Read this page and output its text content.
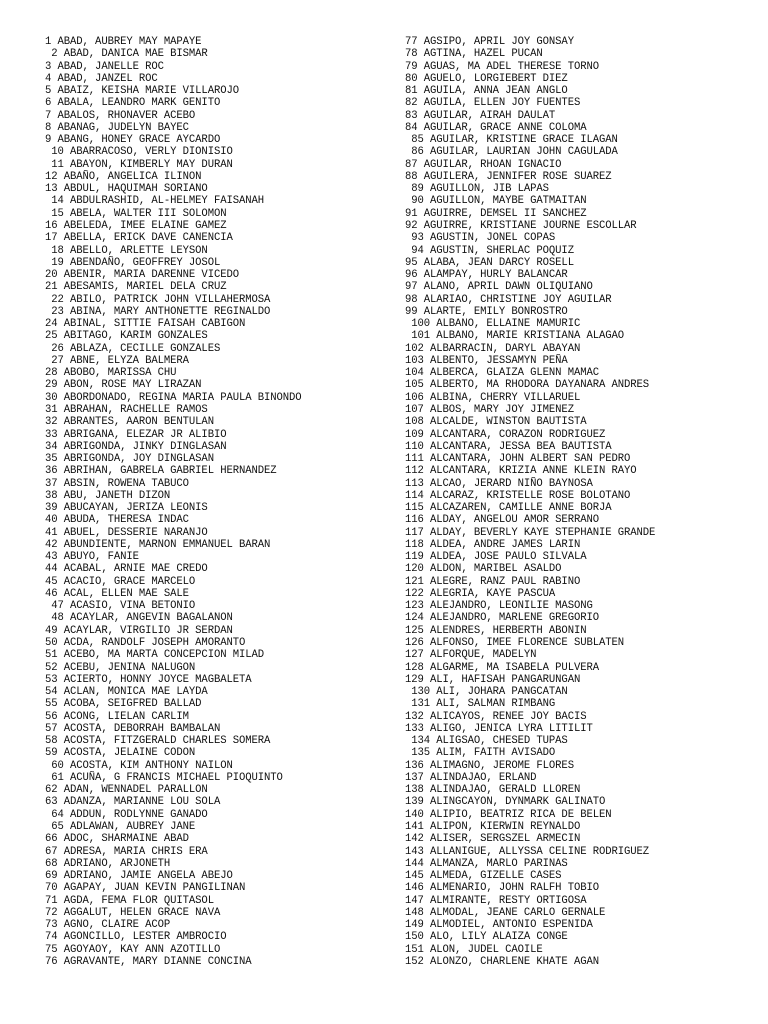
1 ABAD, AUBREY MAY MAPAYE
2 ABAD, DANICA MAE BISMAR
3 ABAD, JANELLE ROC
4 ABAD, JANZEL ROC
5 ABAIZ, KEISHA MARIE VILLAROJO
6 ABALA, LEANDRO MARK GENITO
7 ABALOS, RHONAVER ACEBO
8 ABANAG, JUDELYN BAYEC
9 ABANG, HONEY GRACE AYCARDO
10 ABARRACOSO, VERLY DIONISIO
11 ABAYON, KIMBERLY MAY DURAN
12 ABAÑO, ANGELICA ILINON
13 ABDUL, HAQUIMAH SORIANO
14 ABDULRASHID, AL-HELMEY FAISANAH
15 ABELA, WALTER III SOLOMON
16 ABELEDA, IMEE ELAINE GAMEZ
17 ABELLA, ERICK DAVE CANENCIA
18 ABELLO, ARLETTE LEYSON
19 ABENDAÑO, GEOFFREY JOSOL
20 ABENIR, MARIA DARENNE VICEDO
21 ABESAMIS, MARIEL DELA CRUZ
22 ABILO, PATRICK JOHN VILLAHERMOSA
23 ABINA, MARY ANTHONETTE REGINALDO
24 ABINAL, SITTIE FAISAH CABIGON
25 ABITAGO, KARIM GONZALES
26 ABLAZA, CECILLE GONZALES
27 ABNE, ELYZA BALMERA
28 ABOBO, MARISSA CHU
29 ABON, ROSE MAY LIRAZAN
30 ABORDONADO, REGINA MARIA PAULA BINONDO
31 ABRAHAN, RACHELLE RAMOS
32 ABRANTES, AARON BENTULAN
33 ABRIGANA, ELEZAR JR ALIBIO
34 ABRIGONDA, JINKY DINGLASAN
35 ABRIGONDA, JOY DINGLASAN
36 ABRIHAN, GABRELA GABRIEL HERNANDEZ
37 ABSIN, ROWENA TABUCO
38 ABU, JANETH DIZON
39 ABUCAYAN, JERIZA LEONIS
40 ABUDA, THERESA INDAC
41 ABUEL, DESSERIE NARANJO
42 ABUNDIENTE, MARNON EMMANUEL BARAN
43 ABUYO, FANIE
44 ACABAL, ARNIE MAE CREDO
45 ACACIO, GRACE MARCELO
46 ACAL, ELLEN MAE SALE
47 ACASIO, VINA BETONIO
48 ACAYLAR, ANGEVIN BAGALANON
49 ACAYLAR, VIRGILIO JR SERDAN
50 ACDA, RANDOLF JOSEPH AMORANTO
51 ACEBO, MA MARTA CONCEPCION MILAD
52 ACEBU, JENINA NALUGON
53 ACIERTO, HONNY JOYCE MAGBALETA
54 ACLAN, MONICA MAE LAYDA
55 ACOBA, SEIGFRED BALLAD
56 ACONG, LIELAN CARLIM
57 ACOSTA, DEBORRAH BAMBALAN
58 ACOSTA, FITZGERALD CHARLES SOMERA
59 ACOSTA, JELAINE CODON
60 ACOSTA, KIM ANTHONY NAILON
61 ACUÑA, G FRANCIS MICHAEL PIOQUINTO
62 ADAN, WENNADEL PARALLON
63 ADANZA, MARIANNE LOU SOLA
64 ADDUN, RODLYNNE GANADO
65 ADLAWAN, AUBREY JANE
66 ADOC, SHARMAINE ABAD
67 ADRESA, MARIA CHRIS ERA
68 ADRIANO, ARJONETH
69 ADRIANO, JAMIE ANGELA ABEJO
70 AGAPAY, JUAN KEVIN PANGILINAN
71 AGDA, FEMA FLOR QUITASOL
72 AGGALUT, HELEN GRACE NAVA
73 AGNO, CLAIRE ACOP
74 AGONCILLO, LESTER AMBROCIO
75 AGOYAOY, KAY ANN AZOTILLO
76 AGRAVANTE, MARY DIANNE CONCINA
77 AGSIPO, APRIL JOY GONSAY
78 AGTINA, HAZEL PUCAN
79 AGUAS, MA ADEL THERESE TORNO
80 AGUELO, LORGIEBERT DIEZ
81 AGUILA, ANNA JEAN ANGLO
82 AGUILA, ELLEN JOY FUENTES
83 AGUILAR, AIRAH DAULAT
84 AGUILAR, GRACE ANNE COLOMA
85 AGUILAR, KRISTINE GRACE ILAGAN
86 AGUILAR, LAURIAN JOHN CAGULADA
87 AGUILAR, RHOAN IGNACIO
88 AGUILERA, JENNIFER ROSE SUAREZ
89 AGUILLON, JIB LAPAS
90 AGUILLON, MAYBE GATMAITAN
91 AGUIRRE, DEMSEL II SANCHEZ
92 AGUIRRE, KRISTIANE JOURNE ESCOLLAR
93 AGUSTIN, JONEL COPAS
94 AGUSTIN, SHERLAC POQUIZ
95 ALABA, JEAN DARCY ROSELL
96 ALAMPAY, HURLY BALANCAR
97 ALANO, APRIL DAWN OLIQUIANO
98 ALARIAO, CHRISTINE JOY AGUILAR
99 ALARTE, EMILY BONROSTRO
100 ALBANO, ELLAINE MAMURIC
101 ALBANO, MARIE KRISTIANA ALAGAO
102 ALBARRACIN, DARYL ABAYAN
103 ALBENTO, JESSAMYN PEÑA
104 ALBERCA, GLAIZA GLENN MAMAC
105 ALBERTO, MA RHODORA DAYANARA ANDRES
106 ALBINA, CHERRY VILLARUEL
107 ALBOS, MARY JOY JIMENEZ
108 ALCALDE, WINSTON BAUTISTA
109 ALCANTARA, CORAZON RODRIGUEZ
110 ALCANTARA, JESSA BEA BAUTISTA
111 ALCANTARA, JOHN ALBERT SAN PEDRO
112 ALCANTARA, KRIZIA ANNE KLEIN RAYO
113 ALCAO, JERARD NIÑO BAYNOSA
114 ALCARAZ, KRISTELLE ROSE BOLOTANO
115 ALCAZAREN, CAMILLE ANNE BORJA
116 ALDAY, ANGELOU AMOR SERRANO
117 ALDAY, BEVERLY KAYE STEPHANIE GRANDE
118 ALDEA, ANDRE JAMES LARIN
119 ALDEA, JOSE PAULO SILVALA
120 ALDON, MARIBEL ASALDO
121 ALEGRE, RANZ PAUL RABINO
122 ALEGRIA, KAYE PASCUA
123 ALEJANDRO, LEONILIE MASONG
124 ALEJANDRO, MARLENE GREGORIO
125 ALENDRES, HERBERTH ABONIN
126 ALFONSO, IMEE FLORENCE SUBLATEN
127 ALFORQUE, MADELYN
128 ALGARME, MA ISABELA PULVERA
129 ALI, HAFISAH PANGARUNGAN
130 ALI, JOHARA PANGCATAN
131 ALI, SALMAN RIMBANG
132 ALICAYOS, RENEE JOY BACIS
133 ALIGO, JENICA LYRA LITILIT
134 ALIGSAO, CHESED TUPAS
135 ALIM, FAITH AVISADO
136 ALIMAGNO, JEROME FLORES
137 ALINDAJAO, ERLAND
138 ALINDAJAO, GERALD LLOREN
139 ALINGCAYON, DYNMARK GALINATO
140 ALIPIO, BEATRIZ RICA DE BELEN
141 ALIPON, KIERWIN REYNALDO
142 ALISER, SERGSZEL ARMECIN
143 ALLANIGUE, ALLYSSA CELINE RODRIGUEZ
144 ALMANZA, MARLO PARINAS
145 ALMEDA, GIZELLE CASES
146 ALMENARIO, JOHN RALFH TOBIO
147 ALMIRANTE, RESTY ORTIGOSA
148 ALMODAL, JEANE CARLO GERNALE
149 ALMODIEL, ANTONIO ESPENIDA
150 ALO, LILY ALAIZA CONGE
151 ALON, JUDEL CAOILE
152 ALONZO, CHARLENE KHATE AGAN
